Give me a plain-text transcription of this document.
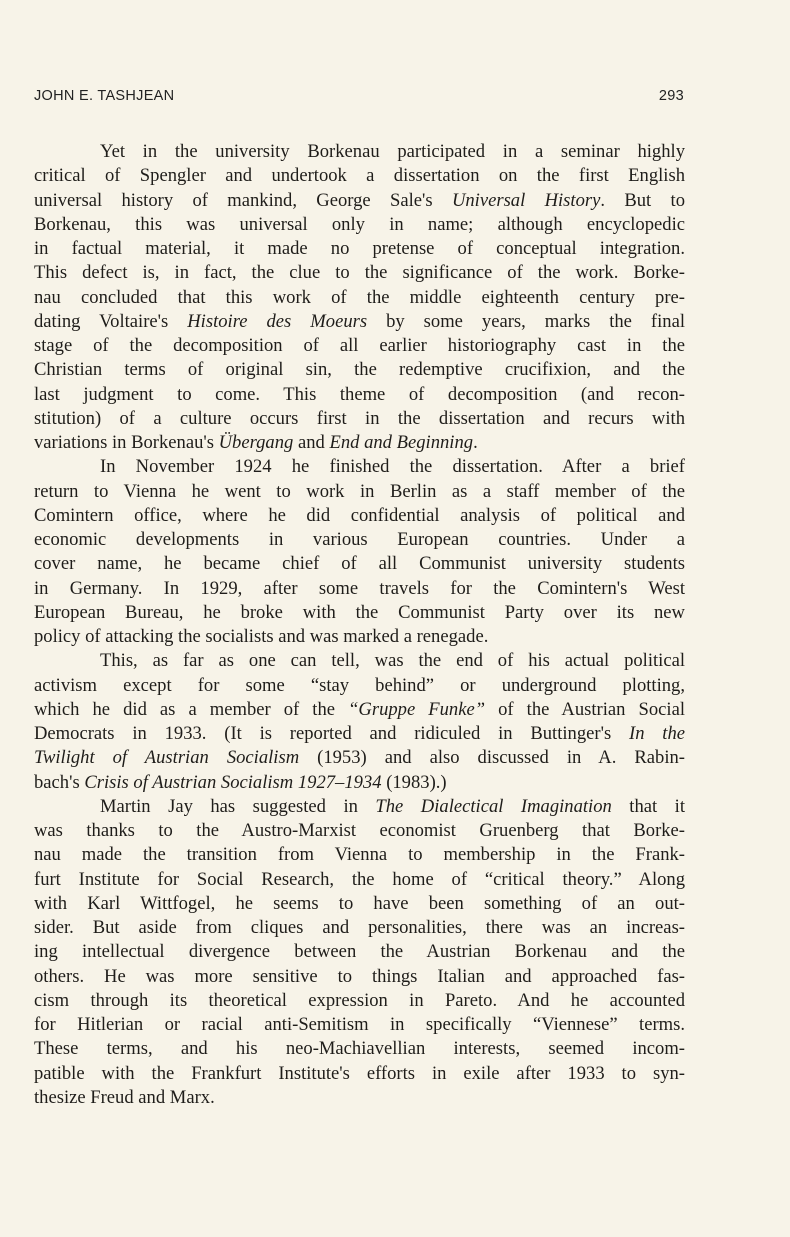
JOHN E. TASHJEAN	293
Yet in the university Borkenau participated in a seminar highly
critical of Spengler and undertook a dissertation on the first English
universal history of mankind, George Sale's Universal History. But to
Borkenau, this was universal only in name; although encyclopedic
in factual material, it made no pretense of conceptual integration.
This defect is, in fact, the clue to the significance of the work. Borke-
nau concluded that this work of the middle eighteenth century pre-
dating Voltaire's Histoire des Moeurs by some years, marks the final
stage of the decomposition of all earlier historiography cast in the
Christian terms of original sin, the redemptive crucifixion, and the
last judgment to come. This theme of decomposition (and recon-
stitution) of a culture occurs first in the dissertation and recurs with
variations in Borkenau's Übergang and End and Beginning.
In November 1924 he finished the dissertation. After a brief
return to Vienna he went to work in Berlin as a staff member of the
Comintern office, where he did confidential analysis of political and
economic developments in various European countries. Under a
cover name, he became chief of all Communist university students
in Germany. In 1929, after some travels for the Comintern's West
European Bureau, he broke with the Communist Party over its new
policy of attacking the socialists and was marked a renegade.
This, as far as one can tell, was the end of his actual political
activism except for some “stay behind” or underground plotting,
which he did as a member of the “Gruppe Funke” of the Austrian Social
Democrats in 1933. (It is reported and ridiculed in Buttinger's In the
Twilight of Austrian Socialism (1953) and also discussed in A. Rabin-
bach's Crisis of Austrian Socialism 1927–1934 (1983).)
Martin Jay has suggested in The Dialectical Imagination that it
was thanks to the Austro-Marxist economist Gruenberg that Borke-
nau made the transition from Vienna to membership in the Frank-
furt Institute for Social Research, the home of “critical theory.” Along
with Karl Wittfogel, he seems to have been something of an out-
sider. But aside from cliques and personalities, there was an increas-
ing intellectual divergence between the Austrian Borkenau and the
others. He was more sensitive to things Italian and approached fas-
cism through its theoretical expression in Pareto. And he accounted
for Hitlerian or racial anti-Semitism in specifically “Viennese” terms.
These terms, and his neo-Machiavellian interests, seemed incom-
patible with the Frankfurt Institute's efforts in exile after 1933 to syn-
thesize Freud and Marx.
